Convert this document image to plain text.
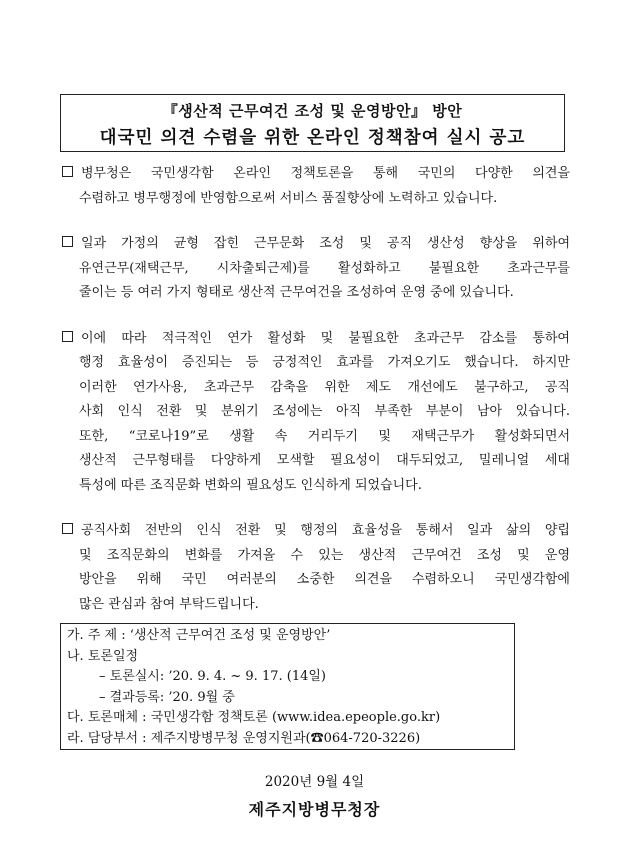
『생산적 근무여건 조성 및 운영방안』 방안
대국민 의견 수렴을 위한 온라인 정책참여 실시 공고
병무청은 국민생각함 온라인 정책토론을 통해 국민의 다양한 의견을
수렴하고 병무행정에 반영함으로써 서비스 품질향상에 노력하고 있습니다.
일과 가정의 균형 잡힌 근무문화 조성 및 공직 생산성 향상을 위하여
유연근무(재택근무, 시차출퇴근제)를 활성화하고 불필요한 초과근무를
줄이는 등 여러 가지 형태로 생산적 근무여건을 조성하여 운영 중에 있습니다.
이에 따라 적극적인 연가 활성화 및 불필요한 초과근무 감소를 통하여
행정 효율성이 증진되는 등 긍정적인 효과를 가져오기도 했습니다. 하지만
이러한 연가사용, 초과근무 감축을 위한 제도 개선에도 불구하고, 공직
사회 인식 전환 및 분위기 조성에는 아직 부족한 부분이 남아 있습니다.
또한, “코로나19”로 생활 속 거리두기 및 재택근무가 활성화되면서
생산적 근무형태를 다양하게 모색할 필요성이 대두되었고, 밀레니얼 세대
특성에 따른 조직문화 변화의 필요성도 인식하게 되었습니다.
공직사회 전반의 인식 전환 및 행정의 효율성을 통해서 일과 삶의 양립
및 조직문화의 변화를 가져올 수 있는 생산적 근무여건 조성 및 운영
방안을 위해 국민 여러분의 소중한 의견을 수렴하오니 국민생각함에
많은 관심과 참여 부탁드립니다.
가. 주 제 : ‘생산적 근무여건 조성 및 운영방안’
나. 토론일정
– 토론실시: ’20. 9. 4. ~ 9. 17. (14일)
– 결과등록: ’20. 9월 중
다. 토론매체 : 국민생각함 정책토론 (www.idea.epeople.go.kr)
라. 담당부서 : 제주지방병무청 운영지원과(☎064-720-3226)
2020년 9월 4일
제주지방병무청장
